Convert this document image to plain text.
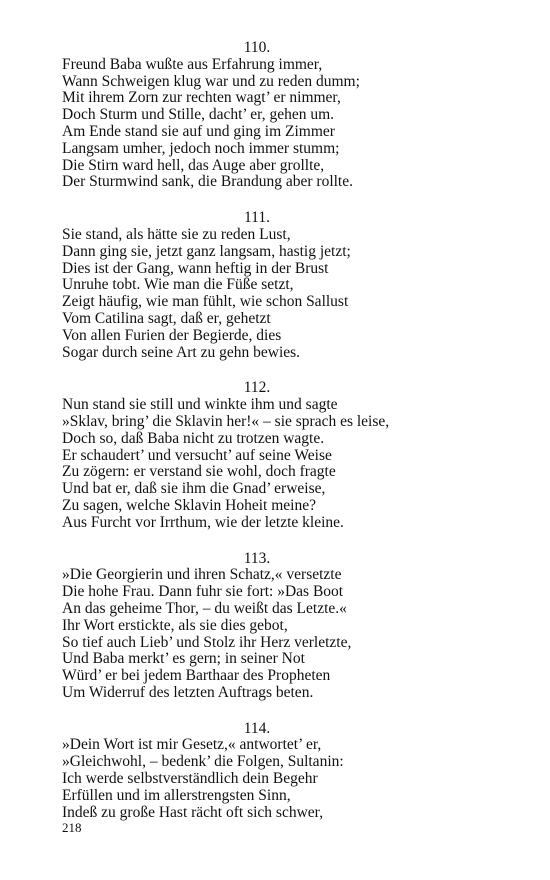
110.
Freund Baba wußte aus Erfahrung immer,
Wann Schweigen klug war und zu reden dumm;
Mit ihrem Zorn zur rechten wagt’ er nimmer,
Doch Sturm und Stille, dacht’ er, gehen um.
Am Ende stand sie auf und ging im Zimmer
Langsam umher, jedoch noch immer stumm;
Die Stirn ward hell, das Auge aber grollte,
Der Sturmwind sank, die Brandung aber rollte.
111.
Sie stand, als hätte sie zu reden Lust,
Dann ging sie, jetzt ganz langsam, hastig jetzt;
Dies ist der Gang, wann heftig in der Brust
Unruhe tobt. Wie man die Füße setzt,
Zeigt häufig, wie man fühlt, wie schon Sallust
Vom Catilina sagt, daß er, gehetzt
Von allen Furien der Begierde, dies
Sogar durch seine Art zu gehn bewies.
112.
Nun stand sie still und winkte ihm und sagte
»Sklav, bring’ die Sklavin her!« – sie sprach es leise,
Doch so, daß Baba nicht zu trotzen wagte.
Er schaudert’ und versucht’ auf seine Weise
Zu zögern: er verstand sie wohl, doch fragte
Und bat er, daß sie ihm die Gnad’ erweise,
Zu sagen, welche Sklavin Hoheit meine?
Aus Furcht vor Irrthum, wie der letzte kleine.
113.
»Die Georgierin und ihren Schatz,« versetzte
Die hohe Frau. Dann fuhr sie fort: »Das Boot
An das geheime Thor, – du weißt das Letzte.«
Ihr Wort erstickte, als sie dies gebot,
So tief auch Lieb’ und Stolz ihr Herz verletzte,
Und Baba merkt’ es gern; in seiner Not
Würd’ er bei jedem Barthaar des Propheten
Um Widerruf des letzten Auftrags beten.
114.
»Dein Wort ist mir Gesetz,« antwortet’ er,
»Gleichwohl, – bedenk’ die Folgen, Sultanin:
Ich werde selbstverständlich dein Begehr
Erfüllen und im allerstrengsten Sinn,
Indeß zu große Hast rächt oft sich schwer,
218
